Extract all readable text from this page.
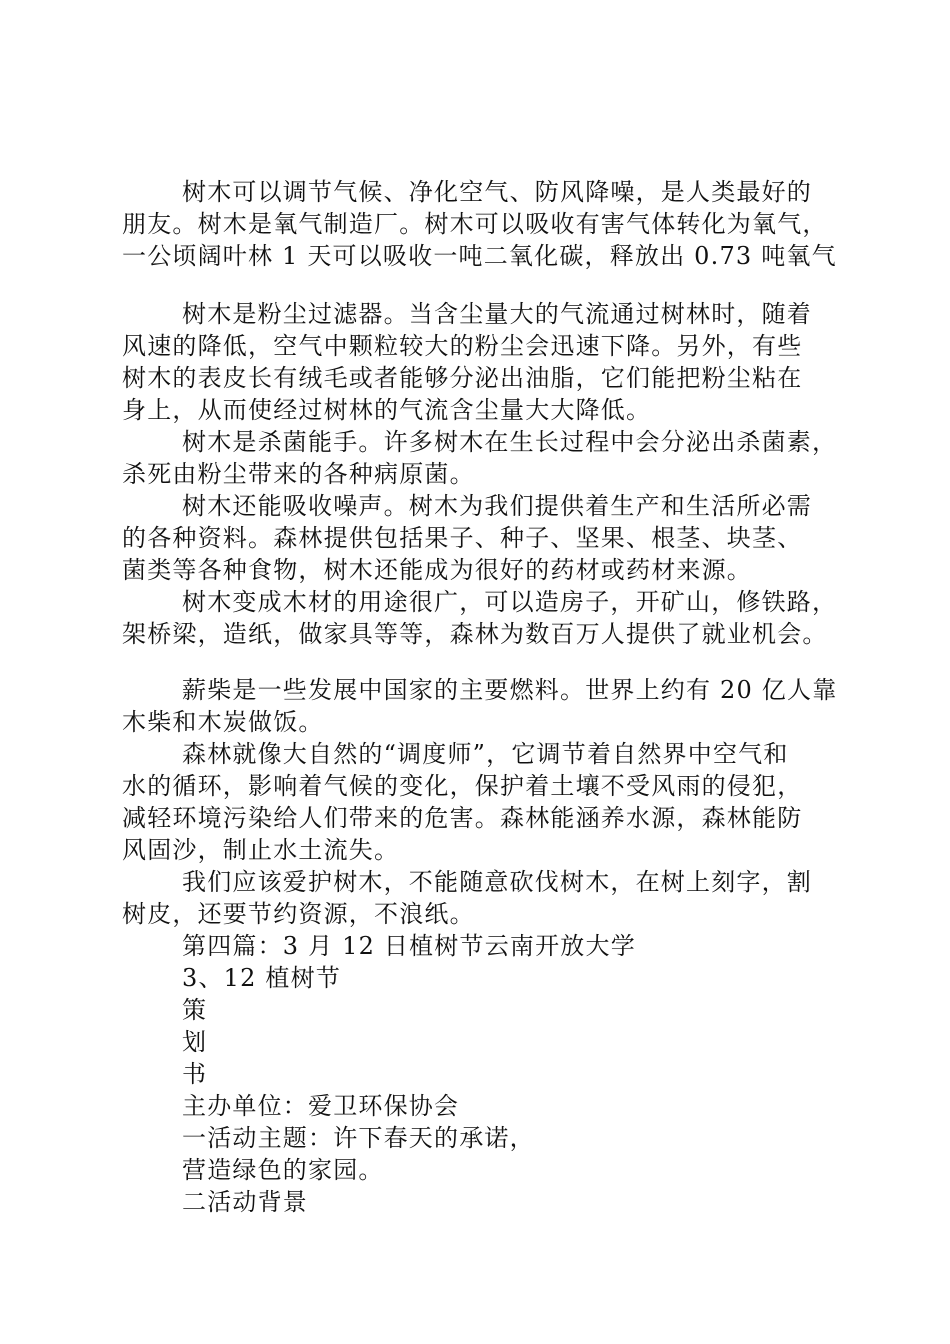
树木可以调节气候、净化空气、防风降噪，是人类最好的
朋友。树木是氧气制造厂。树木可以吸收有害气体转化为氧气，
一公顷阔叶林 1 天可以吸收一吨二氧化碳，释放出 0.73 吨氧气
树木是粉尘过滤器。当含尘量大的气流通过树林时，随着
风速的降低，空气中颗粒较大的粉尘会迅速下降。另外，有些
树木的表皮长有绒毛或者能够分泌出油脂，它们能把粉尘粘在
身上，从而使经过树林的气流含尘量大大降低。
树木是杀菌能手。许多树木在生长过程中会分泌出杀菌素，
杀死由粉尘带来的各种病原菌。
树木还能吸收噪声。树木为我们提供着生产和生活所必需
的各种资料。森林提供包括果子、种子、坚果、根茎、块茎、
菌类等各种食物，树木还能成为很好的药材或药材来源。
树木变成木材的用途很广，可以造房子，开矿山，修铁路，
架桥梁，造纸，做家具等等，森林为数百万人提供了就业机会。
薪柴是一些发展中国家的主要燃料。世界上约有 20 亿人靠
木柴和木炭做饭。
森林就像大自然的“调度师”，它调节着自然界中空气和
水的循环，影响着气候的变化，保护着土壤不受风雨的侵犯，
减轻环境污染给人们带来的危害。森林能涵养水源，森林能防
风固沙，制止水土流失。
我们应该爱护树木，不能随意砍伐树木，在树上刻字，割
树皮，还要节约资源，不浪纸。
第四篇：3 月 12 日植树节云南开放大学
3、12 植树节
策
划
书
主办单位：爱卫环保协会
一活动主题：许下春天的承诺，
营造绿色的家园。
二活动背景
